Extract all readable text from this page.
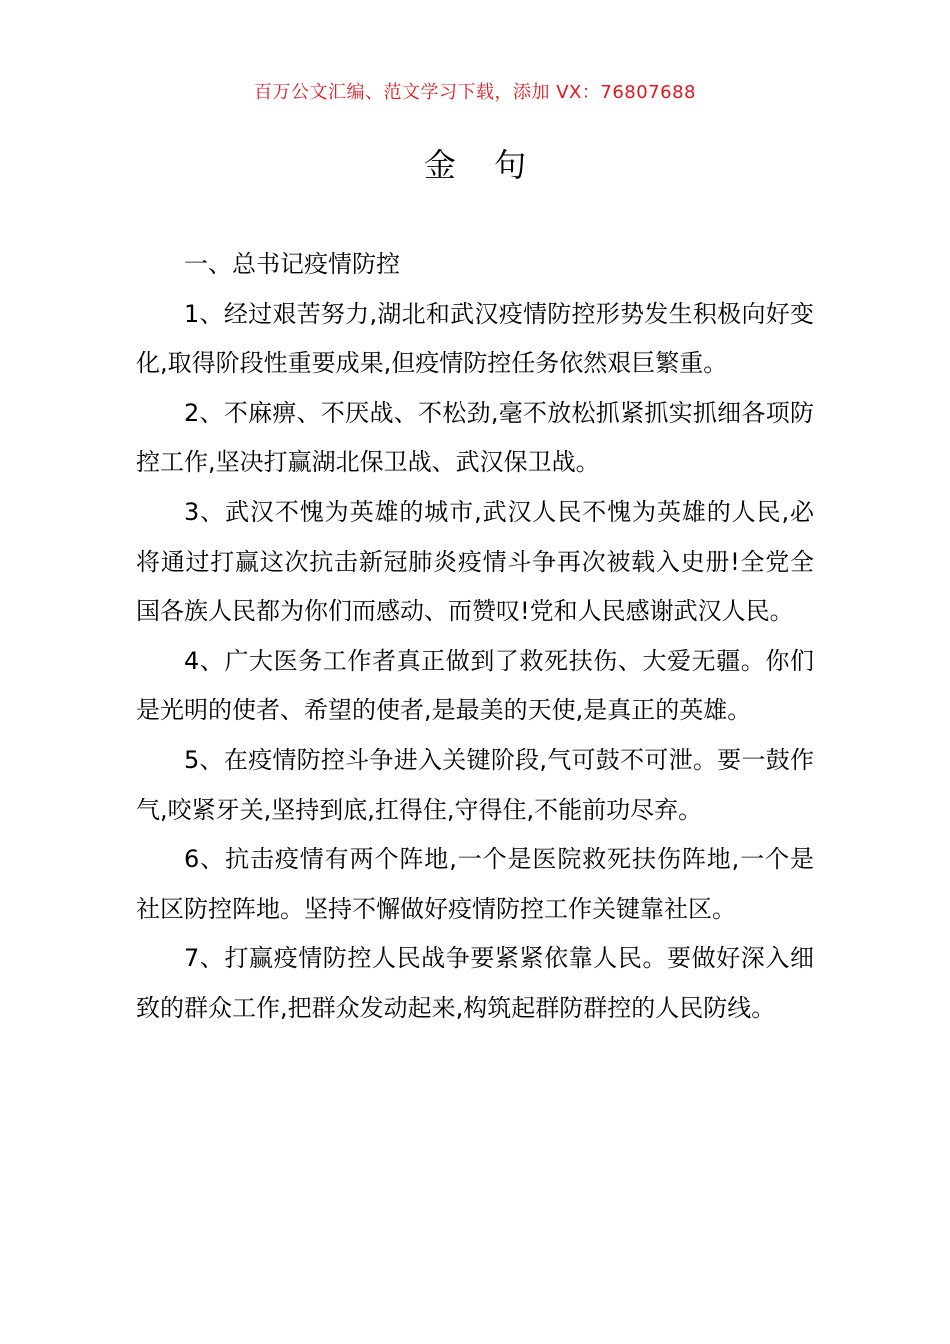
百万公文汇编、范文学习下载，添加 VX：76807688
金 句

一、总书记疫情防控

1、经过艰苦努力,湖北和武汉疫情防控形势发生积极向好变化,取得阶段性重要成果,但疫情防控任务依然艰巨繁重。

2、不麻痹、不厌战、不松劲,毫不放松抓紧抓实抓细各项防控工作,坚决打赢湖北保卫战、武汉保卫战。

3、武汉不愧为英雄的城市,武汉人民不愧为英雄的人民,必将通过打赢这次抗击新冠肺炎疫情斗争再次被载入史册!全党全国各族人民都为你们而感动、而赞叹!党和人民感谢武汉人民。

4、广大医务工作者真正做到了救死扶伤、大爱无疆。你们是光明的使者、希望的使者,是最美的天使,是真正的英雄。

5、在疫情防控斗争进入关键阶段,气可鼓不可泄。要一鼓作气,咬紧牙关,坚持到底,扛得住,守得住,不能前功尽弃。

6、抗击疫情有两个阵地,一个是医院救死扶伤阵地,一个是社区防控阵地。坚持不懈做好疫情防控工作关键靠社区。

7、打赢疫情防控人民战争要紧紧依靠人民。要做好深入细致的群众工作,把群众发动起来,构筑起群防群控的人民防线。
